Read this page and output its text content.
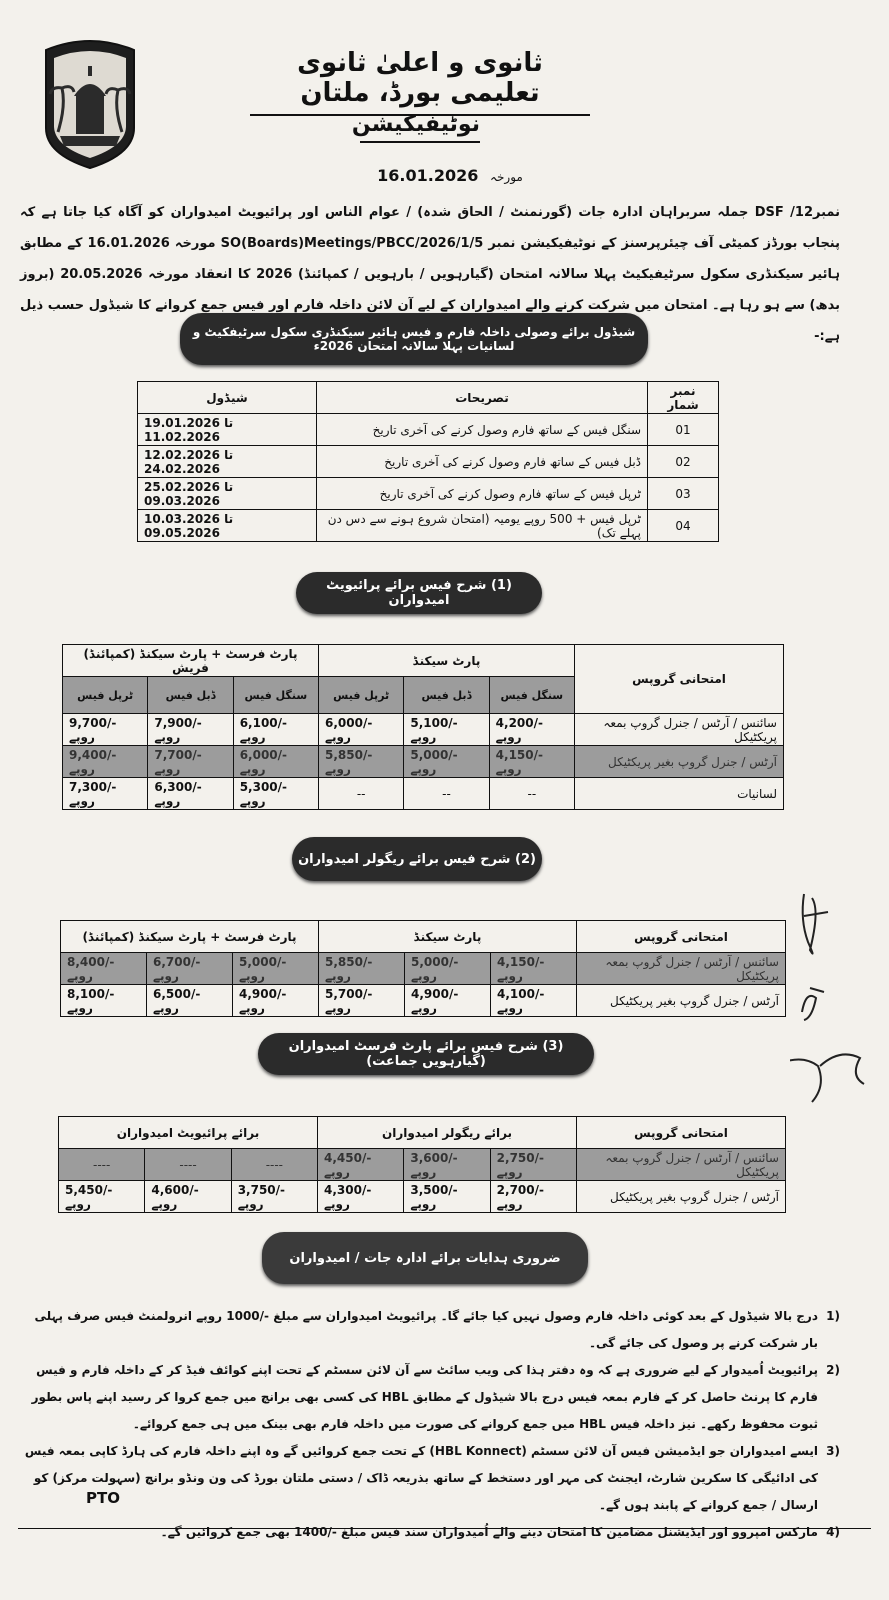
ثانوی و اعلیٰ ثانوی تعلیمی بورڈ، ملتان
نوٹیفیکیشن
مورخہ 16.01.2026
نمبر12/ DSF جملہ سربراہان ادارہ جات (گورنمنٹ / الحاق شدہ) / عوام الناس اور پرائیویٹ امیدواران کو آگاہ کیا جاتا ہے کہ پنجاب بورڈز کمیٹی آف چیئرپرسنز کے نوٹیفیکیشن نمبر SO(Boards)Meetings/PBCC/2026/1/5 مورخہ 16.01.2026 کے مطابق ہائیر سیکنڈری سکول سرٹیفیکیٹ پہلا سالانہ امتحان (گیارہویں / بارہویں / کمپائنڈ) 2026 کا انعقاد مورخہ 20.05.2026 (بروز بدھ) سے ہو رہا ہے۔ امتحان میں شرکت کرنے والے امیدواران کے لیے آن لائن داخلہ فارم اور فیس جمع کروانے کا شیڈول حسب ذیل ہے:-
شیڈول برائے وصولی داخلہ فارم و فیس ہائیر سیکنڈری سکول سرٹیفکیٹ و لسانیات پہلا سالانہ امتحان 2026ء
نمبر شمار	تصریحات	شیڈول
01	سنگل فیس کے ساتھ فارم وصول کرنے کی آخری تاریخ	19.01.2026 تا 11.02.2026
02	ڈبل فیس کے ساتھ فارم وصول کرنے کی آخری تاریخ	12.02.2026 تا 24.02.2026
03	ٹرپل فیس کے ساتھ فارم وصول کرنے کی آخری تاریخ	25.02.2026 تا 09.03.2026
04	ٹرپل فیس + 500 روپے یومیہ (امتحان شروع ہونے سے دس دن پہلے تک)	10.03.2026 تا 09.05.2026
(1) شرح فیس برائے پرائیویٹ امیدواران
امتحانی گروپس	پارٹ سیکنڈ			پارٹ فرسٹ + پارٹ سیکنڈ (کمپائنڈ) فریش		
	سنگل فیس	ڈبل فیس	ٹرپل فیس	سنگل فیس	ڈبل فیس	ٹرپل فیس
سائنس / آرٹس / جنرل گروپ بمعہ پریکٹیکل	4,200/- روپے	5,100/- روپے	6,000/- روپے	6,100/- روپے	7,900/- روپے	9,700/- روپے
آرٹس / جنرل گروپ بغیر پریکٹیکل	4,150/- روپے	5,000/- روپے	5,850/- روپے	6,000/- روپے	7,700/- روپے	9,400/- روپے
لسانیات	--	--	--	5,300/- روپے	6,300/- روپے	7,300/- روپے
(2) شرح فیس برائے ریگولر امیدواران
امتحانی گروپس	پارٹ سیکنڈ			پارٹ فرسٹ + پارٹ سیکنڈ (کمپائنڈ)		
سائنس / آرٹس / جنرل گروپ بمعہ پریکٹیکل	4,150/- روپے	5,000/- روپے	5,850/- روپے	5,000/- روپے	6,700/- روپے	8,400/- روپے
آرٹس / جنرل گروپ بغیر پریکٹیکل	4,100/- روپے	4,900/- روپے	5,700/- روپے	4,900/- روپے	6,500/- روپے	8,100/- روپے
(3) شرح فیس برائے پارٹ فرسٹ امیدواران (گیارہویں جماعت)
امتحانی گروپس	برائے ریگولر امیدواران			برائے پرائیویٹ امیدواران		
سائنس / آرٹس / جنرل گروپ بمعہ پریکٹیکل	2,750/- روپے	3,600/- روپے	4,450/- روپے	----	----	----
آرٹس / جنرل گروپ بغیر پریکٹیکل	2,700/- روپے	3,500/- روپے	4,300/- روپے	3,750/- روپے	4,600/- روپے	5,450/- روپے
ضروری ہدایات برائے ادارہ جات / امیدواران
1)
درج بالا شیڈول کے بعد کوئی داخلہ فارم وصول نہیں کیا جائے گا۔ پرائیویٹ امیدواران سے مبلغ -/1000 روپے انرولمنٹ فیس صرف پہلی بار شرکت کرنے پر وصول کی جائے گی۔
2)
پرائیویٹ اُمیدوار کے لیے ضروری ہے کہ وہ دفتر ہذا کی ویب سائٹ سے آن لائن سسٹم کے تحت اپنے کوائف فیڈ کر کے داخلہ فارم و فیس فارم کا پرنٹ حاصل کر کے فارم بمعہ فیس درج بالا شیڈول کے مطابق HBL کی کسی بھی برانچ میں جمع کروا کر رسید اپنے پاس بطور ثبوت محفوظ رکھے۔ نیز داخلہ فیس HBL میں جمع کروانے کی صورت میں داخلہ فارم بھی بینک میں ہی جمع کروائے۔
3)
ایسے امیدواران جو ایڈمیشن فیس آن لائن سسٹم (HBL Konnect) کے تحت جمع کروائیں گے وہ اپنے داخلہ فارم کی ہارڈ کاپی بمعہ فیس کی ادائیگی کا سکرین شارٹ، ایجنٹ کی مہر اور دستخط کے ساتھ بذریعہ ڈاک / دستی ملتان بورڈ کی ون ونڈو برانچ (سہولت مرکز) کو ارسال / جمع کروانے کے پابند ہوں گے۔
4)
مارکس امپروو اور ایڈیشنل مضامین کا امتحان دینے والے اُمیدواران سند فیس مبلغ -/1400 بھی جمع کروائیں گے۔
PTO
